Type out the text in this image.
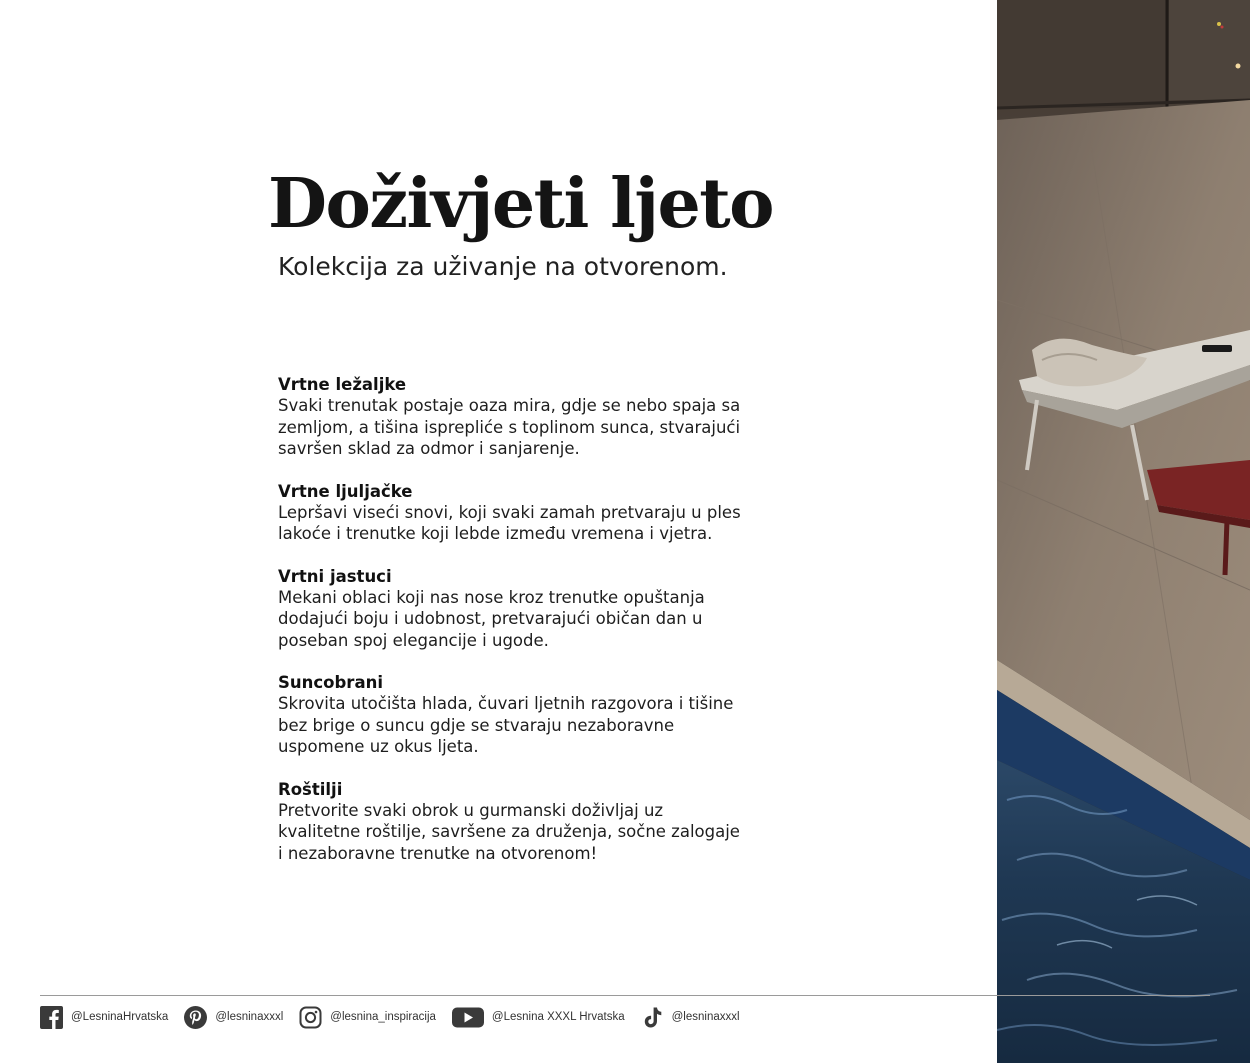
Doživjeti ljeto
Kolekcija za uživanje na otvorenom.

Vrtne ležaljke

Svaki trenutak postaje oaza mira, gdje se nebo spaja sa zemljom, a tišina isprepliće s toplinom sunca, stvarajući savršen sklad za odmor i sanjarenje.

Vrtne ljuljačke

Lepršavi viseći snovi, koji svaki zamah pretvaraju u ples lakoće i trenutke koji lebde između vremena i vjetra.

Vrtni jastuci

Mekani oblaci koji nas nose kroz trenutke opuštanja dodajući boju i udobnost, pretvarajući običan dan u poseban spoj elegancije i ugode.

Suncobrani

Skrovita utočišta hlada, čuvari ljetnih razgovora i tišine bez brige o suncu gdje se stvaraju nezaboravne uspomene uz okus ljeta.

Roštilji

Pretvorite svaki obrok u gurmanski doživljaj uz kvalitetne roštilje, savršene za druženja, sočne zalogaje i nezaboravne trenutke na otvorenom!

@LesninaHrvatska	@lesninaxxxl	@lesnina_inspiracija	@Lesnina XXXL Hrvatska	@lesninaxxxl
